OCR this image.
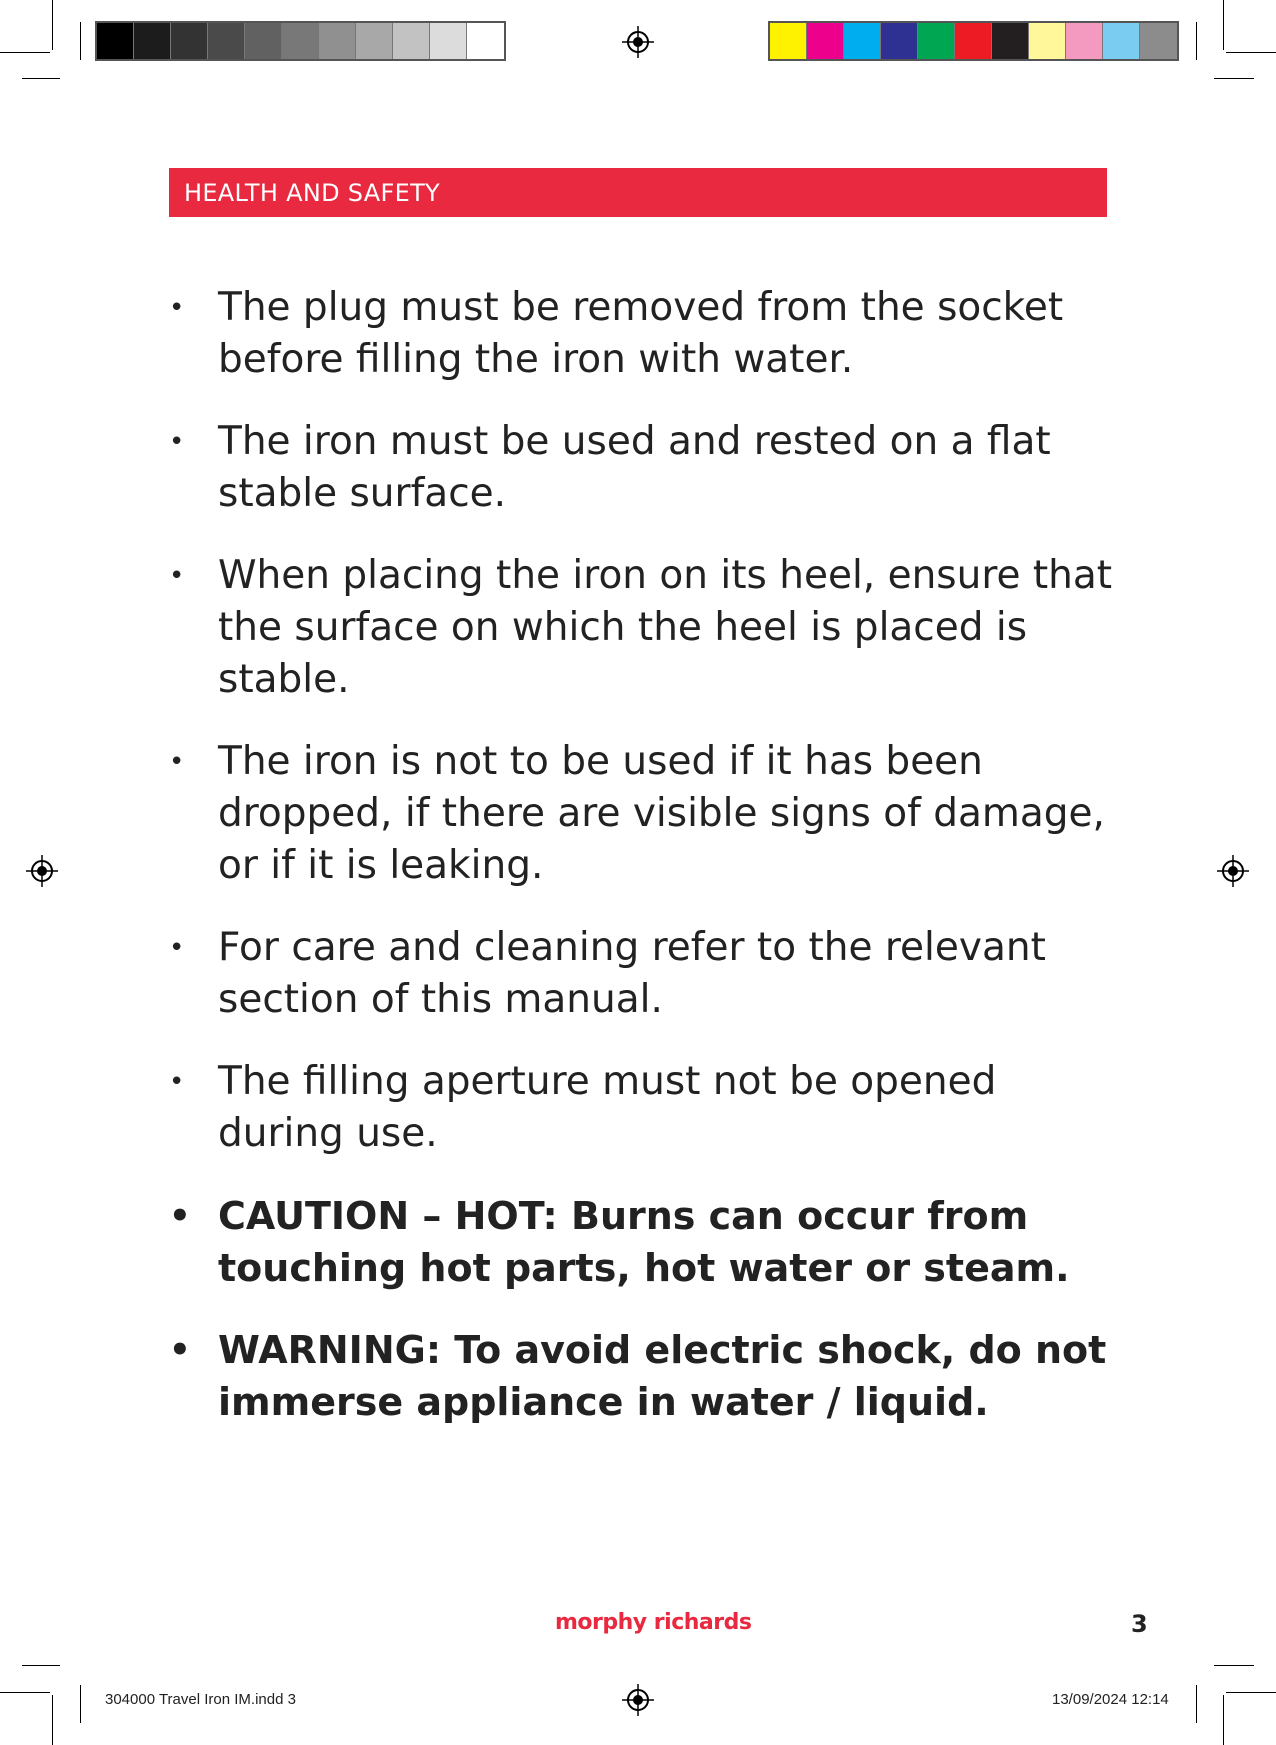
HEALTH AND SAFETY
• The plug must be removed from the socket before filling the iron with water.
• The iron must be used and rested on a flat stable surface.
• When placing the iron on its heel, ensure that the surface on which the heel is placed is stable.
• The iron is not to be used if it has been dropped, if there are visible signs of damage, or if it is leaking.
• For care and cleaning refer to the relevant section of this manual.
• The filling aperture must not be opened during use.
• CAUTION – HOT: Burns can occur from touching hot parts, hot water or steam.
• WARNING: To avoid electric shock, do not immerse appliance in water / liquid.
morphy richards	3
304000 Travel Iron IM.indd 3	13/09/2024 12:14
